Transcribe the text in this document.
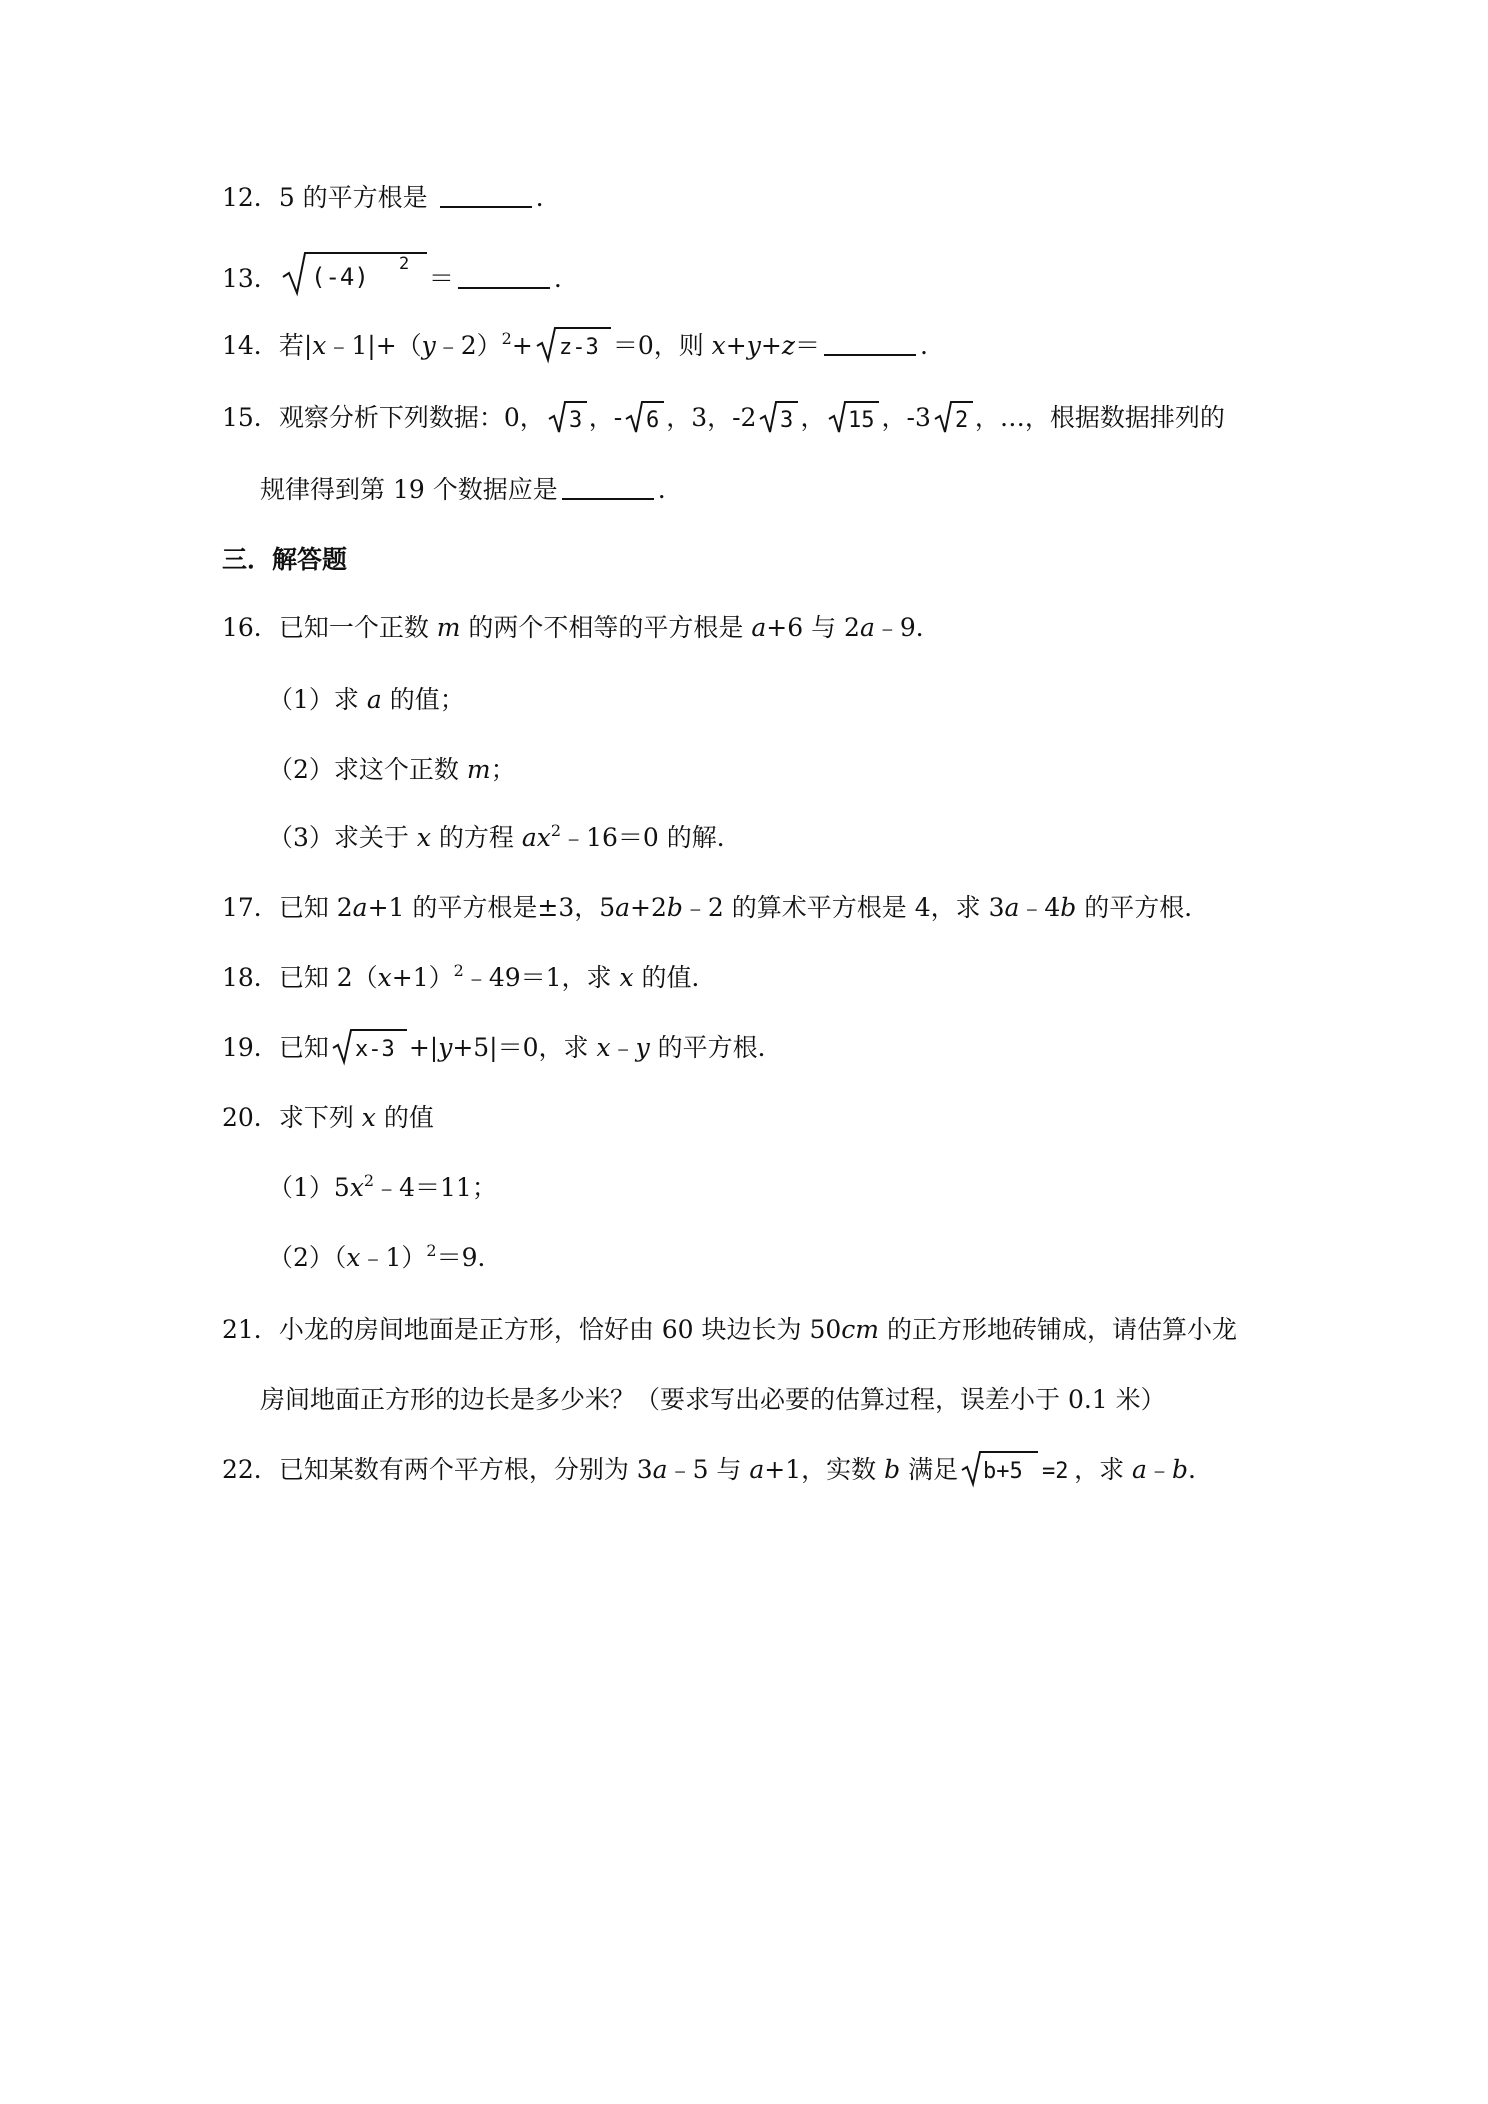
12．5 的平方根是	.
13． (-4) 2 ＝	.
14．若|x﹣1|+（y﹣2）$^2$+ z-3 ＝0，则 x+y+z＝	.
15．观察分析下列数据：0， 3 ，- 6 ，3，-2 3 ， 15 ，-3 2 ，…，根据数据排列的
规律得到第 19 个数据应是	.
三．解答题
16．已知一个正数 m 的两个不相等的平方根是 a+6 与 2a﹣9．
（1）求 a 的值；
（2）求这个正数 m；
（3）求关于 x 的方程 $ax^2﹣16=0$ 的解．
17．已知 2a+1 的平方根是±3，5a+2b﹣2 的算术平方根是 4，求 3a﹣4b 的平方根．
18．已知 $2(x+1)^2﹣49=1$，求 x 的值．
19．已知 x-3 +|y+5|＝0，求 x﹣y 的平方根．
20．求下列 x 的值
$(1)5x^2﹣4=11$；
（2）（x﹣1）$^2$＝9．
21．小龙的房间地面是正方形，恰好由 60 块边长为 50cm 的正方形地砖铺成，请估算小龙
房间地面正方形的边长是多少米？（要求写出必要的估算过程，误差小于 0.1 米）
22．已知某数有两个平方根，分别为 3a﹣5 与 a+1，实数 b 满足 b+5 =2 ，求 a﹣b.
